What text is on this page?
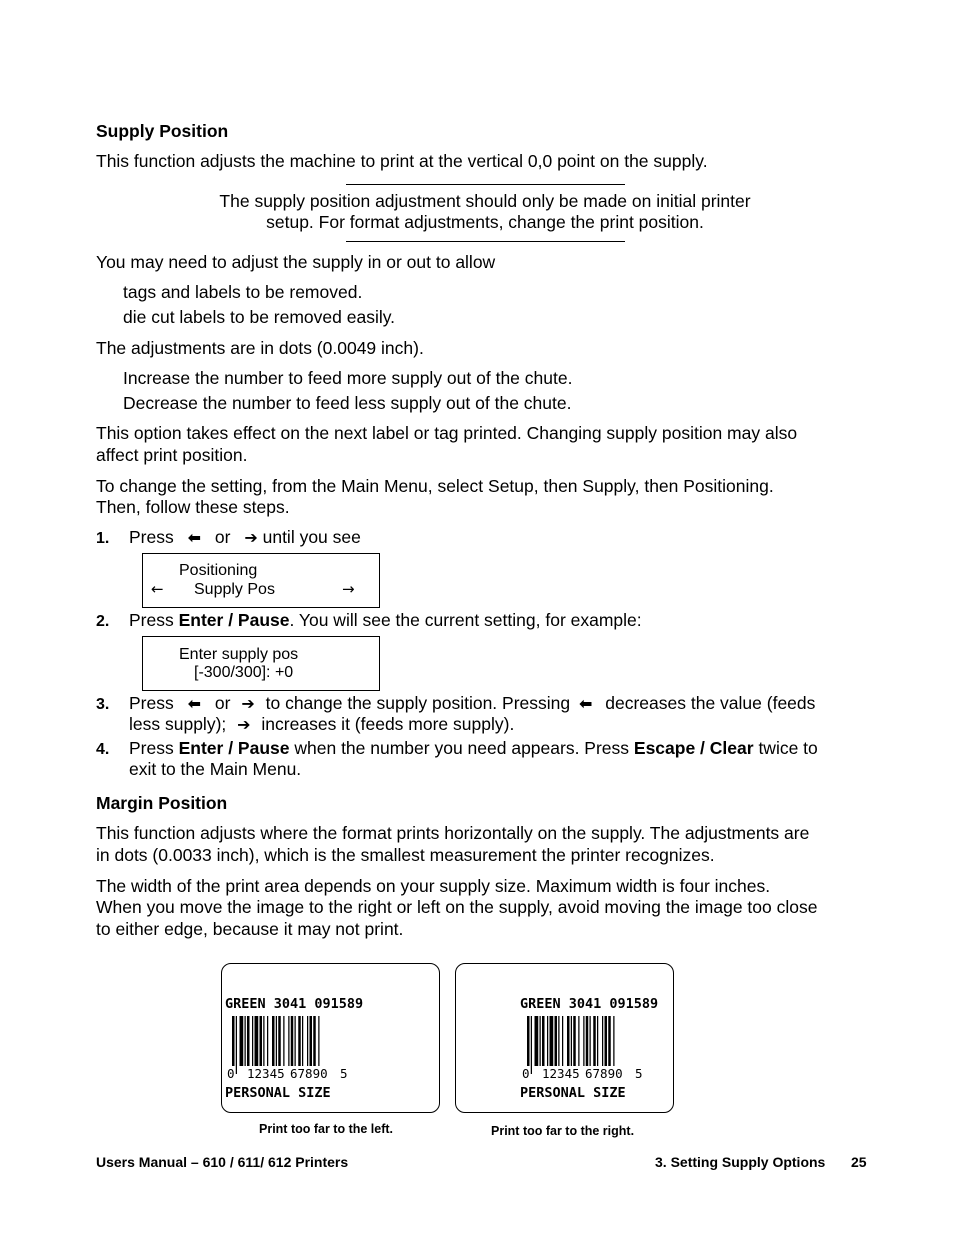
Supply Position
This function adjusts the machine to print at the vertical 0,0 point on the supply.
The supply position adjustment should only be made on initial printer
setup. For format adjustments, change the print position.
You may need to adjust the supply in or out to allow
tags and labels to be removed.
die cut labels to be removed easily.
The adjustments are in dots (0.0049 inch).
Increase the number to feed more supply out of the chute.
Decrease the number to feed less supply out of the chute.
This option takes effect on the next label or tag printed. Changing supply position may also
affect print position.
To change the setting, from the Main Menu, select Setup, then Supply, then Positioning.
Then, follow these steps.
1. Press ⬅ or ➔ until you see
Positioning
← Supply Pos	→
2. Press Enter / Pause. You will see the current setting, for example:
Enter supply pos
[-300/300]: +0
3. Press ⬅ or ➔ to change the supply position. Pressing ⬅ decreases the value (feeds
less supply); ➔ increases it (feeds more supply).
4. Press Enter / Pause when the number you need appears. Press Escape / Clear twice to
exit to the Main Menu.
Margin Position
This function adjusts where the format prints horizontally on the supply. The adjustments are
in dots (0.0033 inch), which is the smallest measurement the printer recognizes.
The width of the print area depends on your supply size. Maximum width is four inches.
When you move the image to the right or left on the supply, avoid moving the image too close
to either edge, because it may not print.
GREEN 3041 091589
0 12345 67890 5
PERSONAL SIZE
GREEN 3041 091589
0 12345 67890 5
PERSONAL SIZE
Print too far to the left.	Print too far to the right.
Users Manual – 610 / 611/ 612 Printers	3. Setting Supply Options 25
